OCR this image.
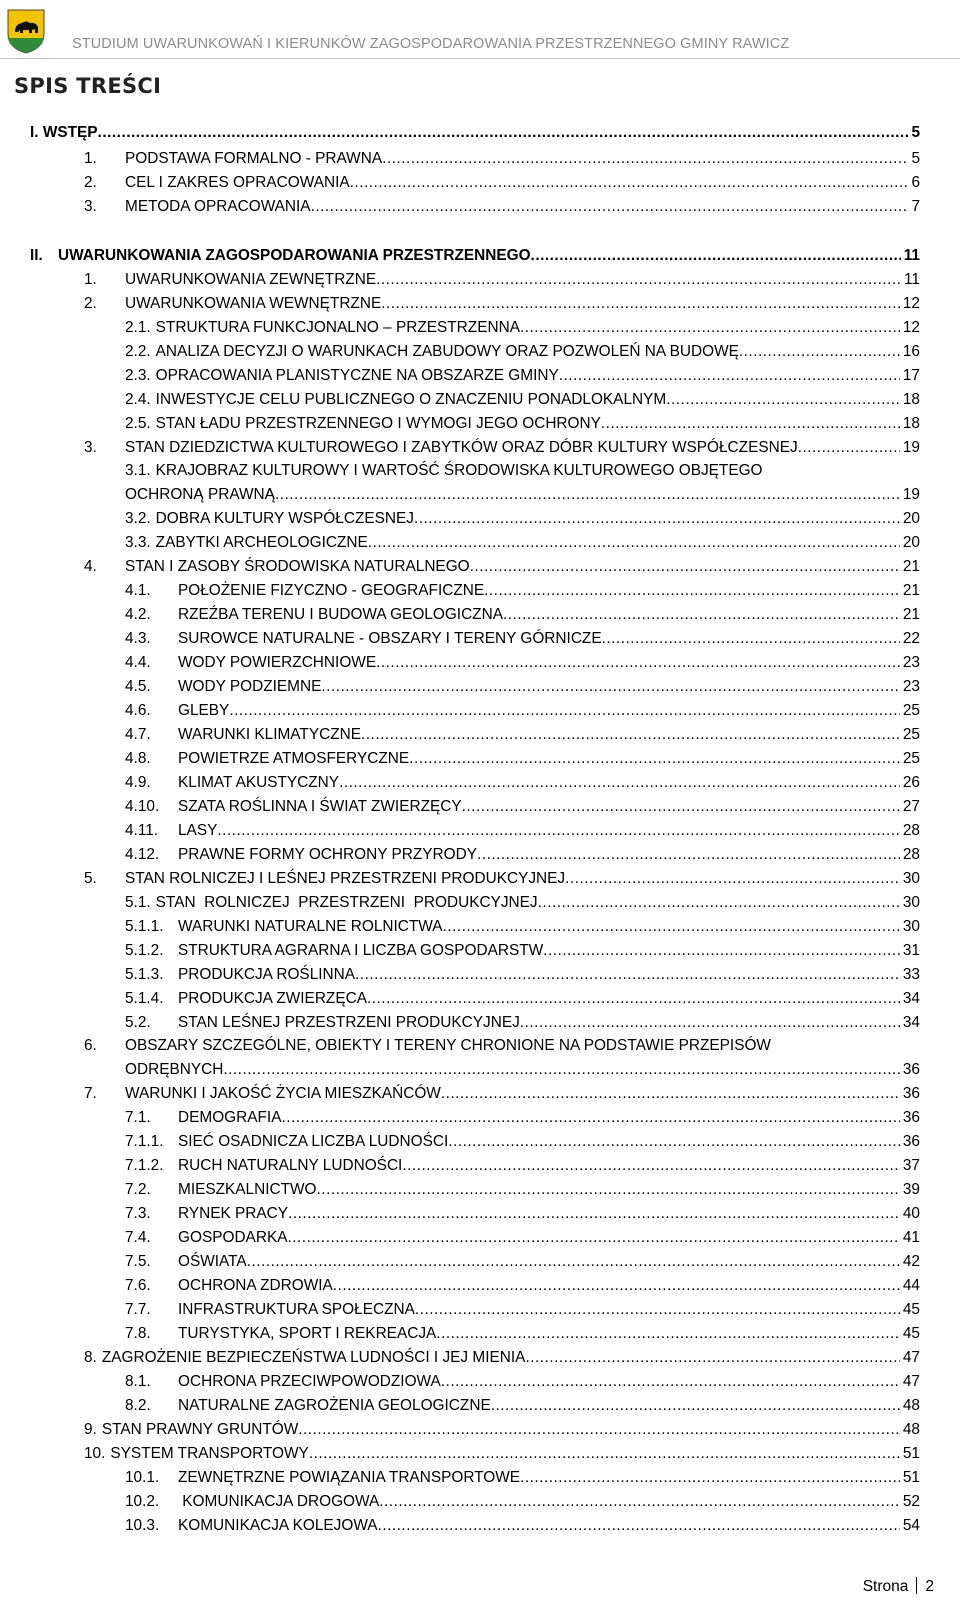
STUDIUM UWARUNKOWAŃ I KIERUNKÓW ZAGOSPODAROWANIA PRZESTRZENNEGO GMINY RAWICZ
SPIS TREŚCI
I. WSTĘP .....	5
1.	PODSTAWA FORMALNO - PRAWNA .....	5
2.	CEL I ZAKRES OPRACOWANIA .....	6
3.	METODA OPRACOWANIA .....	7
II. UWARUNKOWANIA ZAGOSPODAROWANIA PRZESTRZENNEGO .....	11
1.	UWARUNKOWANIA ZEWNĘTRZNE .....	11
2.	UWARUNKOWANIA WEWNĘTRZNE .....	12
2.1. STRUKTURA FUNKCJONALNO – PRZESTRZENNA .....	12
2.2. ANALIZA DECYZJI O WARUNKACH ZABUDOWY ORAZ POZWOLEŃ NA BUDOWĘ .....	16
2.3. OPRACOWANIA PLANISTYCZNE NA OBSZARZE GMINY .....	17
2.4. INWESTYCJE CELU PUBLICZNEGO O ZNACZENIU PONADLOKALNYM .....	18
2.5. STAN ŁADU PRZESTRZENNEGO I WYMOGI JEGO OCHRONY .....	18
3.	STAN DZIEDZICTWA KULTUROWEGO I ZABYTKÓW ORAZ DÓBR KULTURY WSPÓŁCZESNEJ .....	19
3.1. KRAJOBRAZ KULTUROWY I WARTOŚĆ ŚRODOWISKA KULTUROWEGO OBJĘTEGO
OCHRONĄ PRAWNĄ .....	19
3.2. DOBRA KULTURY WSPÓŁCZESNEJ .....	20
3.3. ZABYTKI ARCHEOLOGICZNE .....	20
4.	STAN I ZASOBY ŚRODOWISKA NATURALNEGO .....	21
4.1.	POŁOŻENIE FIZYCZNO - GEOGRAFICZNE .....	21
4.2.	RZEŹBA TERENU I BUDOWA GEOLOGICZNA .....	21
4.3.	SUROWCE NATURALNE - OBSZARY I TERENY GÓRNICZE .....	22
4.4.	WODY POWIERZCHNIOWE .....	23
4.5.	WODY PODZIEMNE .....	23
4.6.	GLEBY .....	25
4.7.	WARUNKI KLIMATYCZNE .....	25
4.8.	POWIETRZE ATMOSFERYCZNE .....	25
4.9.	KLIMAT AKUSTYCZNY .....	26
4.10.	SZATA ROŚLINNA I ŚWIAT ZWIERZĘCY .....	27
4.11.	LASY .....	28
4.12.	PRAWNE FORMY OCHRONY PRZYRODY .....	28
5.	STAN ROLNICZEJ I LEŚNEJ PRZESTRZENI PRODUKCYJNEJ .....	30
5.1. STAN  ROLNICZEJ  PRZESTRZENI  PRODUKCYJNEJ .....	30
5.1.1. WARUNKI NATURALNE ROLNICTWA .....	30
5.1.2. STRUKTURA AGRARNA I LICZBA GOSPODARSTW .....	31
5.1.3. PRODUKCJA ROŚLINNA .....	33
5.1.4. PRODUKCJA ZWIERZĘCA .....	34
5.2.	STAN LEŚNEJ PRZESTRZENI PRODUKCYJNEJ .....	34
6.	OBSZARY SZCZEGÓLNE, OBIEKTY I TERENY CHRONIONE NA PODSTAWIE PRZEPISÓW
ODRĘBNYCH .....	36
7.	WARUNKI I JAKOŚĆ ŻYCIA MIESZKAŃCÓW .....	36
7.1.	DEMOGRAFIA .....	36
7.1.1. SIEĆ OSADNICZA LICZBA LUDNOŚCI .....	36
7.1.2. RUCH NATURALNY LUDNOŚCI .....	37
7.2.	MIESZKALNICTWO .....	39
7.3.	RYNEK PRACY .....	40
7.4.	GOSPODARKA .....	41
7.5.	OŚWIATA .....	42
7.6.	OCHRONA ZDROWIA .....	44
7.7.	INFRASTRUKTURA SPOŁECZNA .....	45
7.8.	TURYSTYKA, SPORT I REKREACJA .....	45
8. ZAGROŻENIE BEZPIECZEŃSTWA LUDNOŚCI I JEJ MIENIA .....	47
8.1.	OCHRONA PRZECIWPOWODZIOWA .....	47
8.2.	NATURALNE ZAGROŻENIA GEOLOGICZNE .....	48
9. STAN PRAWNY GRUNTÓW .....	48
10. SYSTEM TRANSPORTOWY .....	51
10.1.	ZEWNĘTRZNE POWIĄZANIA TRANSPORTOWE .....	51
10.2.	KOMUNIKACJA DROGOWA .....	52
10.3.	KOMUNIKACJA KOLEJOWA .....	54
Strona 2
